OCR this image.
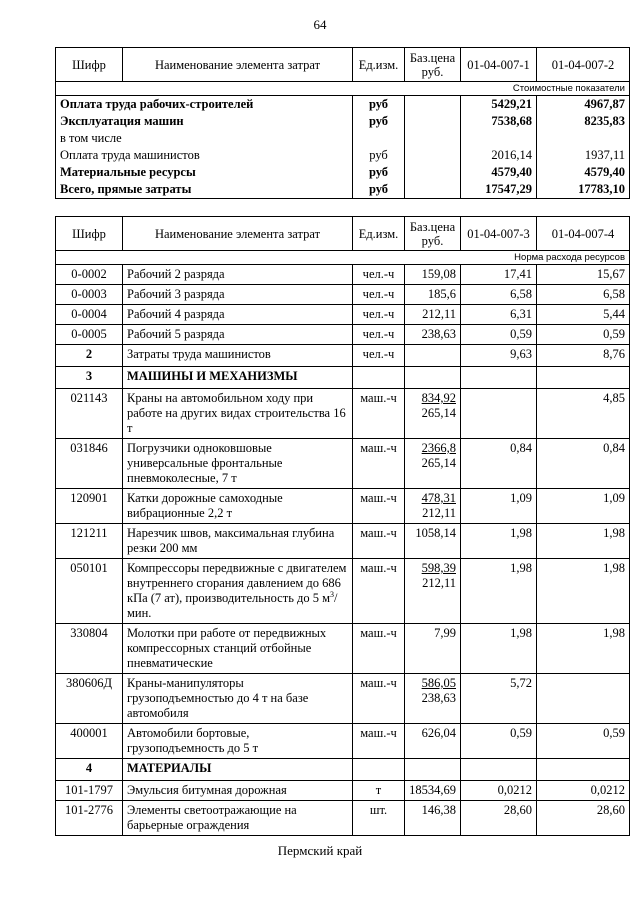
64
Шифр	Наименование элемента затрат	Ед.изм.	Баз.цена руб.	01-04-007-1	01-04-007-2
Стоимостные показатели					
Оплата труда рабочих-строителей		руб		5429,21	4967,87
Эксплуатация машин		руб		7538,68	8235,83
в том числе					
Оплата труда машинистов		руб		2016,14	1937,11
Материальные ресурсы		руб		4579,40	4579,40
Всего, прямые затраты		руб		17547,29	17783,10
Шифр	Наименование элемента затрат	Ед.изм.	Баз.цена руб.	01-04-007-3	01-04-007-4
Норма расхода ресурсов					
0-0002	Рабочий 2 разряда	чел.-ч	159,08	17,41	15,67
0-0003	Рабочий 3 разряда	чел.-ч	185,6	6,58	6,58
0-0004	Рабочий 4 разряда	чел.-ч	212,11	6,31	5,44
0-0005	Рабочий 5 разряда	чел.-ч	238,63	0,59	0,59
2	Затраты труда машинистов	чел.-ч		9,63	8,76
3	МАШИНЫ И МЕХАНИЗМЫ				
021143	Краны на автомобильном ходу при работе на других видах строительства 16 т	маш.-ч	$\frac{834,92}{265,14}$		4,85
031846	Погрузчики одноковшовые универсальные фронтальные пневмоколесные, 7 т	маш.-ч	$\frac{2366,8}{265,14}$	0,84	0,84
120901	Катки дорожные самоходные вибрационные 2,2 т	маш.-ч	$\frac{478,31}{212,11}$	1,09	1,09
121211	Нарезчик швов, максимальная глубина резки 200 мм	маш.-ч	1058,14	1,98	1,98
050101	Компрессоры передвижные с двигателем внутреннего сгорания давлением до 686 кПа (7 ат), производительность до 5 $м^3$/мин.	маш.-ч	$\frac{598,39}{212,11}$	1,98	1,98
330804	Молотки при работе от передвижных компрессорных станций отбойные пневматические	маш.-ч	7,99	1,98	1,98
380606Д	Краны-манипуляторы грузоподъемностью до 4 т на базе автомобиля	маш.-ч	$\frac{586,05}{238,63}$	5,72	
400001	Автомобили бортовые, грузоподъемность до 5 т	маш.-ч	626,04	0,59	0,59
4	МАТЕРИАЛЫ				
101-1797	Эмульсия битумная дорожная	т	18534,69	0,0212	0,0212
101-2776	Элементы светоотражающие на барьерные ограждения	шт.	146,38	28,60	28,60
Пермский край
